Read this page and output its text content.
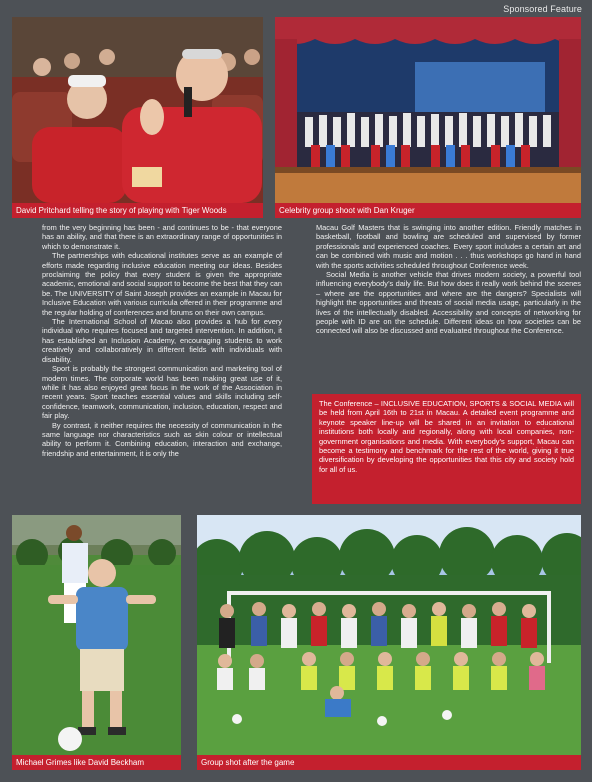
Sponsored Feature
David Pritchard telling the story of playing with Tiger Woods	Celebrity group shoot with Dan Kruger

from the very beginning has been - and continues to be - that everyone has an ability, and that there is an extraordinary range of opportunities in which to demonstrate it.

The partnerships with educational institutes serve as an example of efforts made regarding inclusive education meeting our ideas. Besides proclaiming the policy that every student is given the appropriate academic, emotional and social support to become the best that they can be. The UNIVERSITY of Saint Joseph provides an example in Macau for Inclusive Education with various curricula offered in their programme and the regular holding of conferences and forums on their own campus.

The International School of Macao also provides a hub for every individual who requires focused and targeted intervention. In addition, it has established an Inclusion Academy, encouraging students to work creatively and collaboratively in different fields with individuals with disability.

Sport is probably the strongest communication and marketing tool of modern times. The corporate world has been making great use of it, while it has also enjoyed great focus in the work of the Association in recent years. Sport teaches essential values and skills including self-confidence, teamwork, communication, inclusion, education, respect and fair play.

By contrast, it neither requires the necessity of communication in the same language nor characteristics such as skin colour or intellectual ability to perform it. Combining education, interaction and exchange, friendship and entertainment, it is only the

Macau Golf Masters that is swinging into another edition. Friendly matches in basketball, football and bowling are scheduled and supervised by former professionals and experienced coaches. Every sport includes a certain art and can be combined with music and motion . . . thus workshops go hand in hand with the sports activities scheduled throughout Conference week.

Social Media is another vehicle that drives modern society, a powerful tool influencing everybody’s daily life. But how does it really work behind the scenes – where are the opportunities and where are the dangers? Specialists will highlight the opportunities and threats of social media usage, particularly in the lives of the intellectually disabled. Accessibility and concepts of networking for people with ID are on the schedule. Different ideas on how societies can be connected will also be discussed and evaluated throughout the Conference.

The Conference – INCLUSIVE EDUCATION, SPORTS & SOCIAL MEDIA will be held from April 16th to 21st in Macau. A detailed event programme and keynote speaker line-up will be shared in an invitation to educational institutions both locally and regionally, along with local companies, non-government organisations and media. With everybody’s support, Macau can become a testimony and benchmark for the rest of the world, giving it true diversification by developing the opportunities that this city and society hold for all of us.
Michael Grimes like David Beckham	Group shot after the game
